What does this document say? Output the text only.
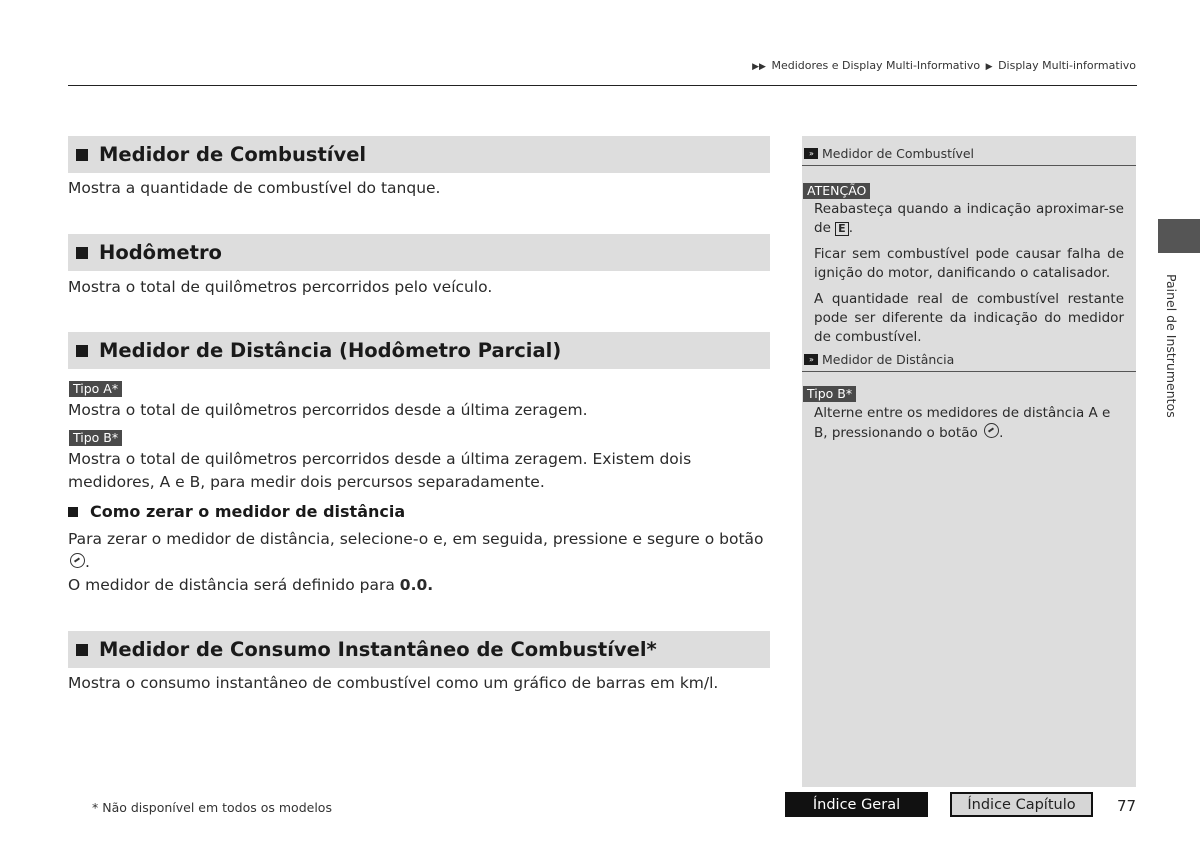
▶▶ Medidores e Display Multi-Informativo ▶ Display Multi-informativo
Medidor de Combustível

Mostra a quantidade de combustível do tanque.

Hodômetro

Mostra o total de quilômetros percorridos pelo veículo.

Medidor de Distância (Hodômetro Parcial)
Tipo A*

Mostra o total de quilômetros percorridos desde a última zeragem.

Tipo B*

Mostra o total de quilômetros percorridos desde a última zeragem. Existem dois medidores, A e B, para medir dois percursos separadamente.

Como zerar o medidor de distância

Para zerar o medidor de distância, selecione-o e, em seguida, pressione e segure o botão .
O medidor de distância será definido para 0.0.

Medidor de Consumo Instantâneo de Combustível*

Mostra o consumo instantâneo de combustível como um gráfico de barras em km/l.

» Medidor de Combustível
ATENÇÃO

Reabasteça quando a indicação aproximar-se de E .

Ficar sem combustível pode causar falha de ignição do motor, danificando o catalisador.

A quantidade real de combustível restante pode ser diferente da indicação do medidor de combustível.

» Medidor de Distância
Tipo B*

Alterne entre os medidores de distância A e B, pressionando o botão .

Painel de Instrumentos
* Não disponível em todos os modelos	Índice Geral	Índice Capítulo	77
